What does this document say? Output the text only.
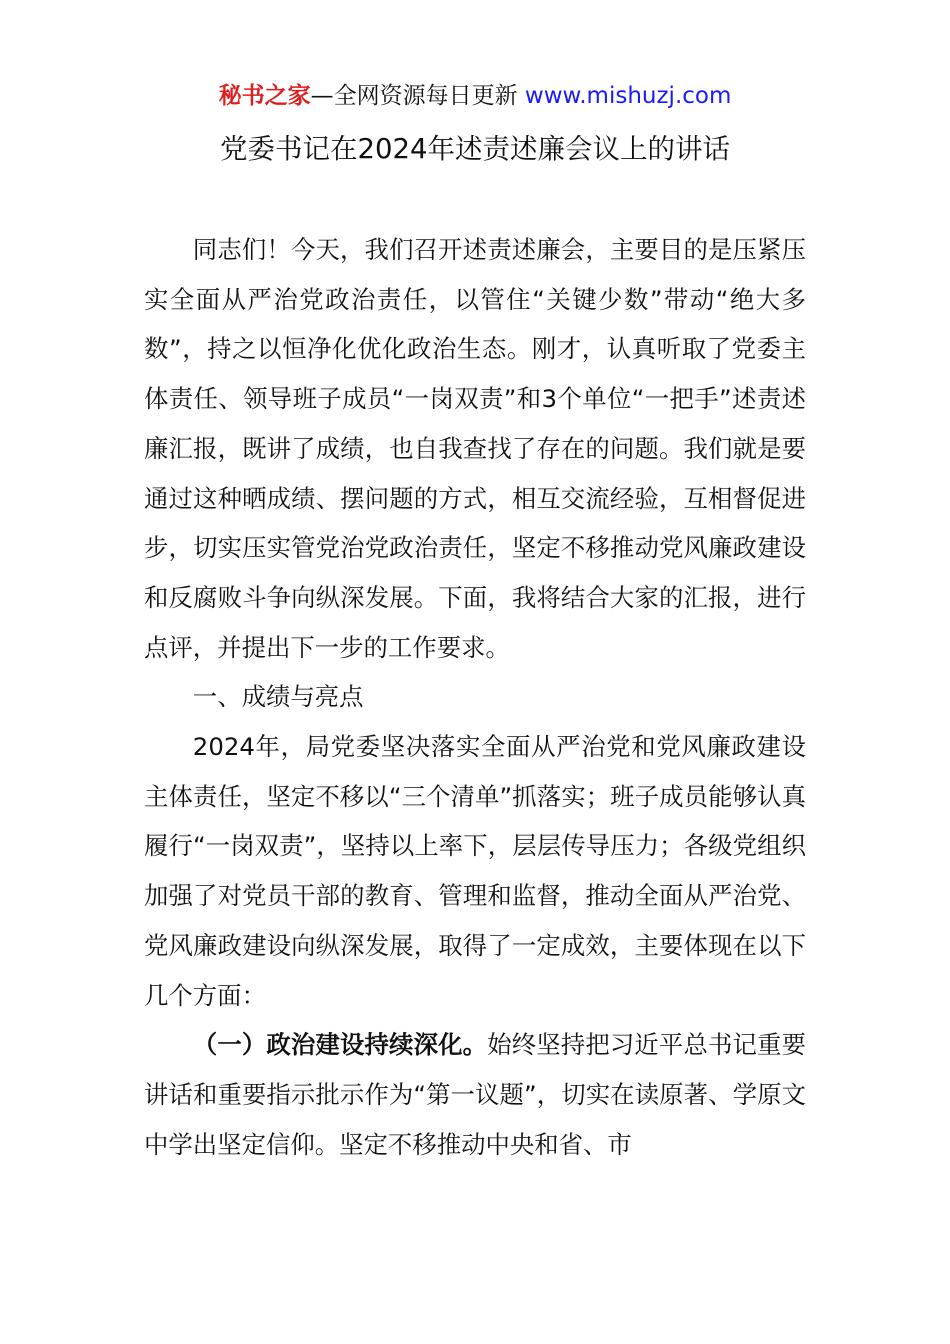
秘书之家—全网资源每日更新 www.mishuzj.com
党委书记在2024年述责述廉会议上的讲话

同志们！今天，我们召开述责述廉会，主要目的是压紧压实全面从严治党政治责任，以管住“关键少数”带动“绝大多数”，持之以恒净化优化政治生态。刚才，认真听取了党委主体责任、领导班子成员“一岗双责”和3个单位“一把手”述责述廉汇报，既讲了成绩，也自我查找了存在的问题。我们就是要通过这种晒成绩、摆问题的方式，相互交流经验，互相督促进步，切实压实管党治党政治责任，坚定不移推动党风廉政建设和反腐败斗争向纵深发展。下面，我将结合大家的汇报，进行点评，并提出下一步的工作要求。

一、成绩与亮点

2024年，局党委坚决落实全面从严治党和党风廉政建设主体责任，坚定不移以“三个清单”抓落实；班子成员能够认真履行“一岗双责”，坚持以上率下，层层传导压力；各级党组织加强了对党员干部的教育、管理和监督，推动全面从严治党、党风廉政建设向纵深发展，取得了一定成效，主要体现在以下几个方面：

（一）政治建设持续深化。始终坚持把习近平总书记重要讲话和重要指示批示作为“第一议题”，切实在读原著、学原文中学出坚定信仰。坚定不移推动中央和省、市
